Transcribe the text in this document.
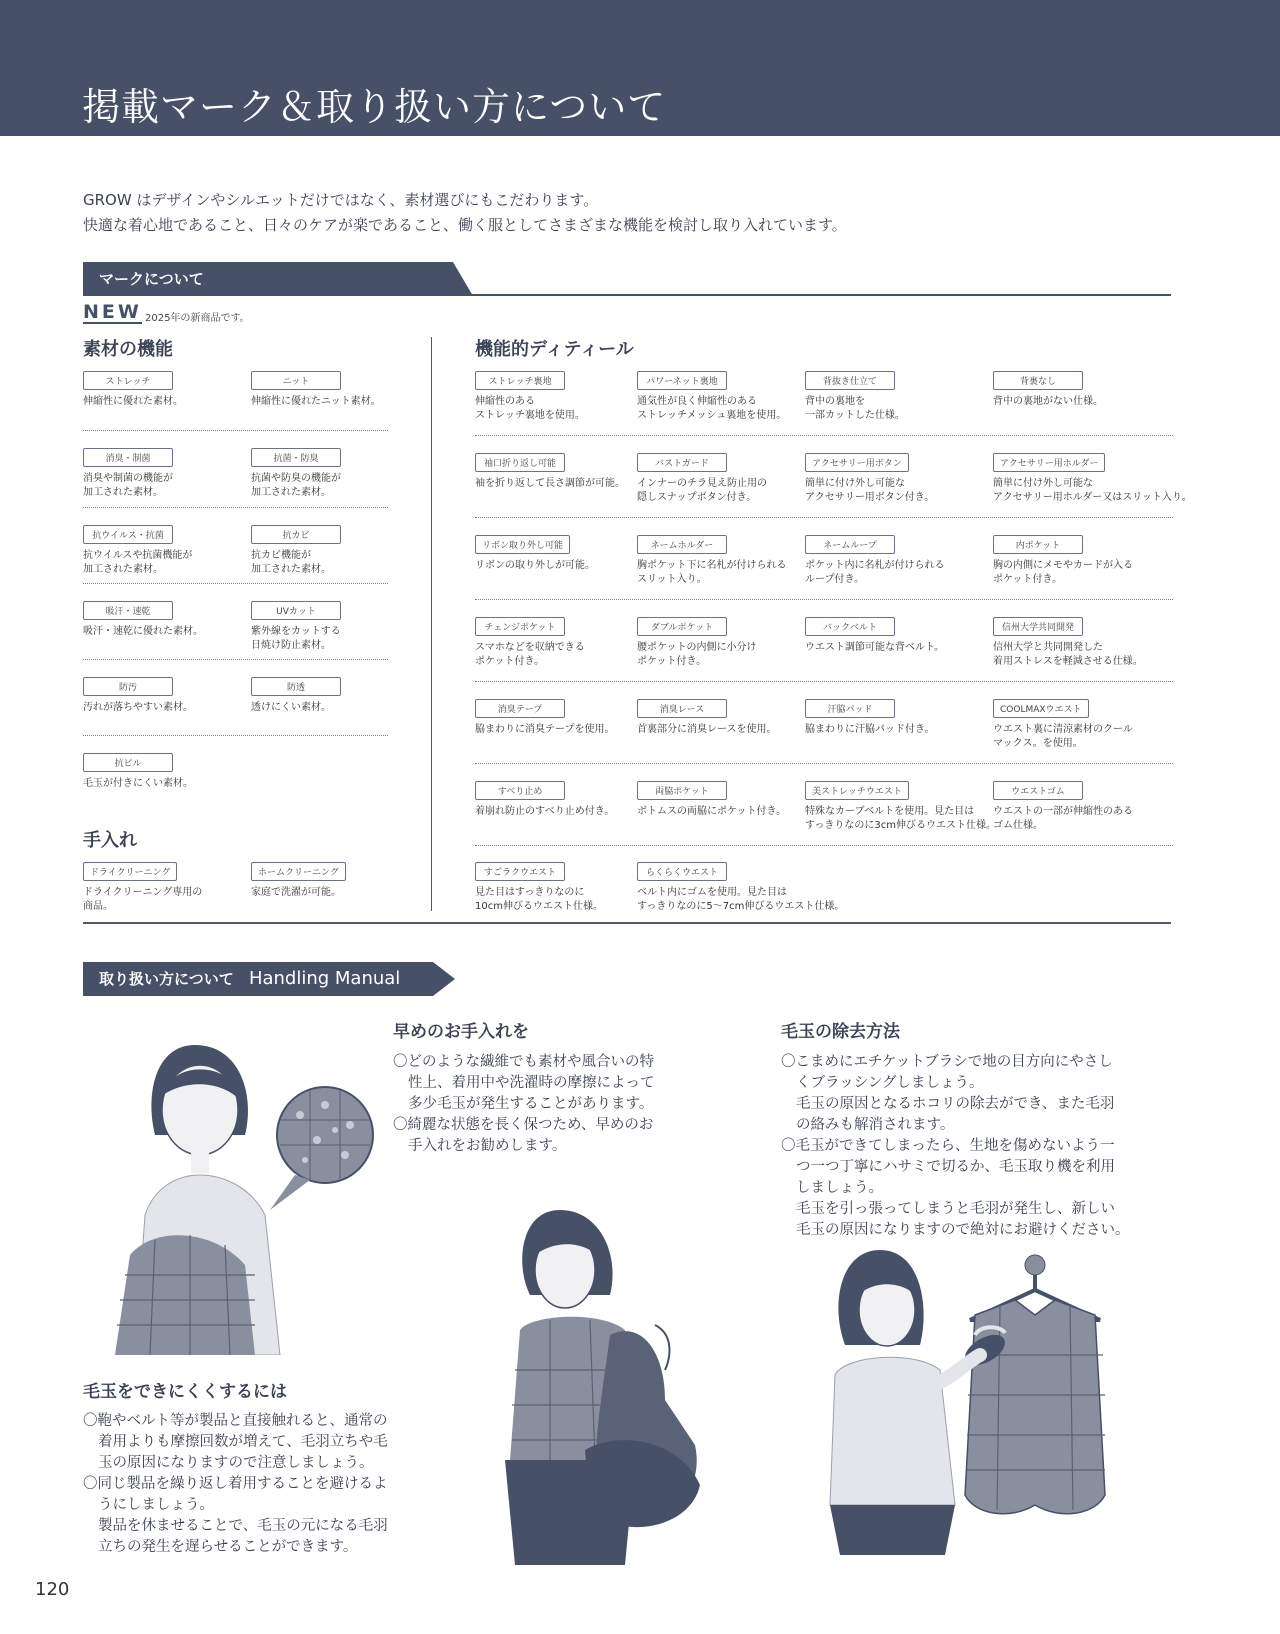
掲載マーク＆取り扱い方について
GROW はデザインやシルエットだけではなく、素材選びにもこだわります。
快適な着心地であること、日々のケアが楽であること、働く服としてさまざまな機能を検討し取り入れています。
マークについて
NEW 2025年の新商品です。
素材の機能	機能的ディティール
手入れ
ストレッチ
伸縮性に優れた素材。
ニット
伸縮性に優れたニット素材。
消臭・制菌
消臭や制菌の機能が
加工された素材。
抗菌・防臭
抗菌や防臭の機能が
加工された素材。
抗ウイルス・抗菌
抗ウイルスや抗菌機能が
加工された素材。
抗カビ
抗カビ機能が
加工された素材。
吸汗・速乾
吸汗・速乾に優れた素材。
UVカット
紫外線をカットする
日焼け防止素材。
防汚
汚れが落ちやすい素材。
防透
透けにくい素材。
抗ピル
毛玉が付きにくい素材。
ドライクリーニング
ドライクリーニング専用の
商品。
ホームクリーニング
家庭で洗濯が可能。
ストレッチ裏地
伸縮性のある
ストレッチ裏地を使用。
パワーネット裏地
通気性が良く伸縮性のある
ストレッチメッシュ裏地を使用。
背抜き仕立て
背中の裏地を
一部カットした仕様。
背裏なし
背中の裏地がない仕様。
袖口折り返し可能
袖を折り返して長さ調節が可能。
バストガード
インナーのチラ見え防止用の
隠しスナップボタン付き。
アクセサリー用ボタン
簡単に付け外し可能な
アクセサリー用ボタン付き。
アクセサリー用ホルダー
簡単に付け外し可能な
アクセサリー用ホルダー又はスリット入り。
リボン取り外し可能
リボンの取り外しが可能。
ネームホルダー
胸ポケット下に名札が付けられる
スリット入り。
ネームループ
ポケット内に名札が付けられる
ループ付き。
内ポケット
胸の内側にメモやカードが入る
ポケット付き。
チェンジポケット
スマホなどを収納できる
ポケット付き。
ダブルポケット
腰ポケットの内側に小分け
ポケット付き。
バックベルト
ウエスト調節可能な背ベルト。
信州大学共同開発
信州大学と共同開発した
着用ストレスを軽減させる仕様。
消臭テープ
脇まわりに消臭テープを使用。
消臭レース
首裏部分に消臭レースを使用。
汗脇パッド
脇まわりに汗脇パッド付き。
COOLMAXウエスト
ウエスト裏に清涼素材のクール
マックス。を使用。
すべり止め
着崩れ防止のすべり止め付き。
両脇ポケット
ボトムスの両脇にポケット付き。
美ストレッチウエスト
特殊なカーブベルトを使用。見た目は
すっきりなのに3cm伸びるウエスト仕様。
ウエストゴム
ウエストの一部が伸縮性のある
ゴム仕様。
すごラクウエスト
見た目はすっきりなのに
10cm伸びるウエスト仕様。
らくらくウエスト
ベルト内にゴムを使用。見た目は
すっきりなのに5〜7cm伸びるウエスト仕様。
取り扱い方について Handling Manual
早めのお手入れを
〇どのような繊維でも素材や風合いの特
性上、着用中や洗濯時の摩擦によって
多少毛玉が発生することがあります。
〇綺麗な状態を長く保つため、早めのお
手入れをお勧めします。
毛玉の除去方法
〇こまめにエチケットブラシで地の目方向にやさし
くブラッシングしましょう。
毛玉の原因となるホコリの除去ができ、また毛羽
の絡みも解消されます。
〇毛玉ができてしまったら、生地を傷めないよう一
つ一つ丁寧にハサミで切るか、毛玉取り機を利用
しましょう。
毛玉を引っ張ってしまうと毛羽が発生し、新しい
毛玉の原因になりますので絶対にお避けください。
毛玉をできにくくするには
〇鞄やベルト等が製品と直接触れると、通常の
着用よりも摩擦回数が増えて、毛羽立ちや毛
玉の原因になりますので注意しましょう。
〇同じ製品を繰り返し着用することを避けるよ
うにしましょう。
製品を休ませることで、毛玉の元になる毛羽
立ちの発生を遅らせることができます。
120
